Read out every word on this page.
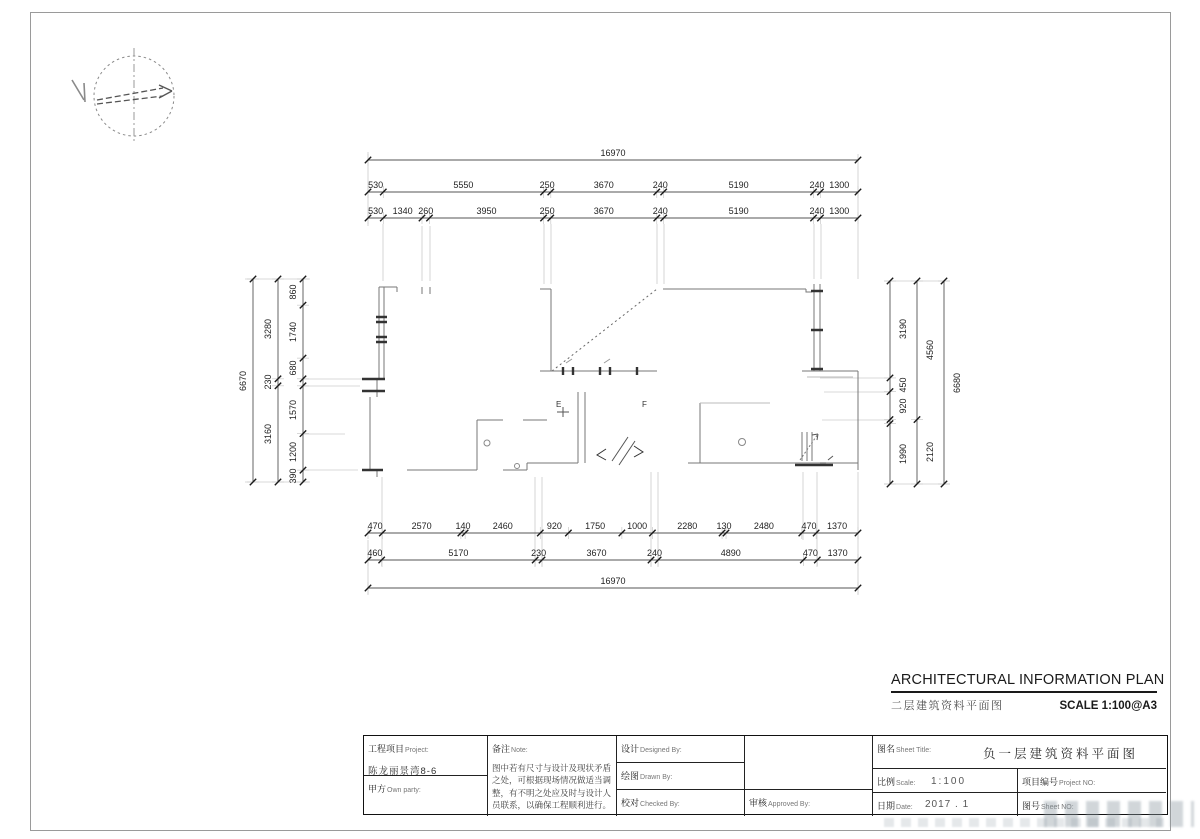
16970
530	5550	250	3670	240	5190	240 1300
530 1340 260	3950	250	3670	240	5190	240 1300
470	2570	140 2460	920	1750 1000	2280 130 2480	470 1370
460	5170	230	3670	240	4890	470 1370
16970
6670
3280
230
3160
860
1740
680
1570
1200
390
3190
450
920
1990
4560
2120
6680
E	F
ARCHITECTURAL INFORMATION PLAN
二层建筑资料平面图	SCALE 1:100@A3
工程项目Project:
陈龙丽景湾8-6
甲方Own party:
备注Note:
图中若有尺寸与设计及现状矛盾之处，可根据现场情况做适当调整，有不明之处应及时与设计人员联系，以确保工程顺利进行。
设计Designed By:
绘图Drawn By:
校对Checked By:	审核Approved By:
图名Sheet Title:	负一层建筑资料平面图
比例Scale: 1:100	项目编号Project NO:
日期Date: 2017 . 1	图号Sheet NO:
